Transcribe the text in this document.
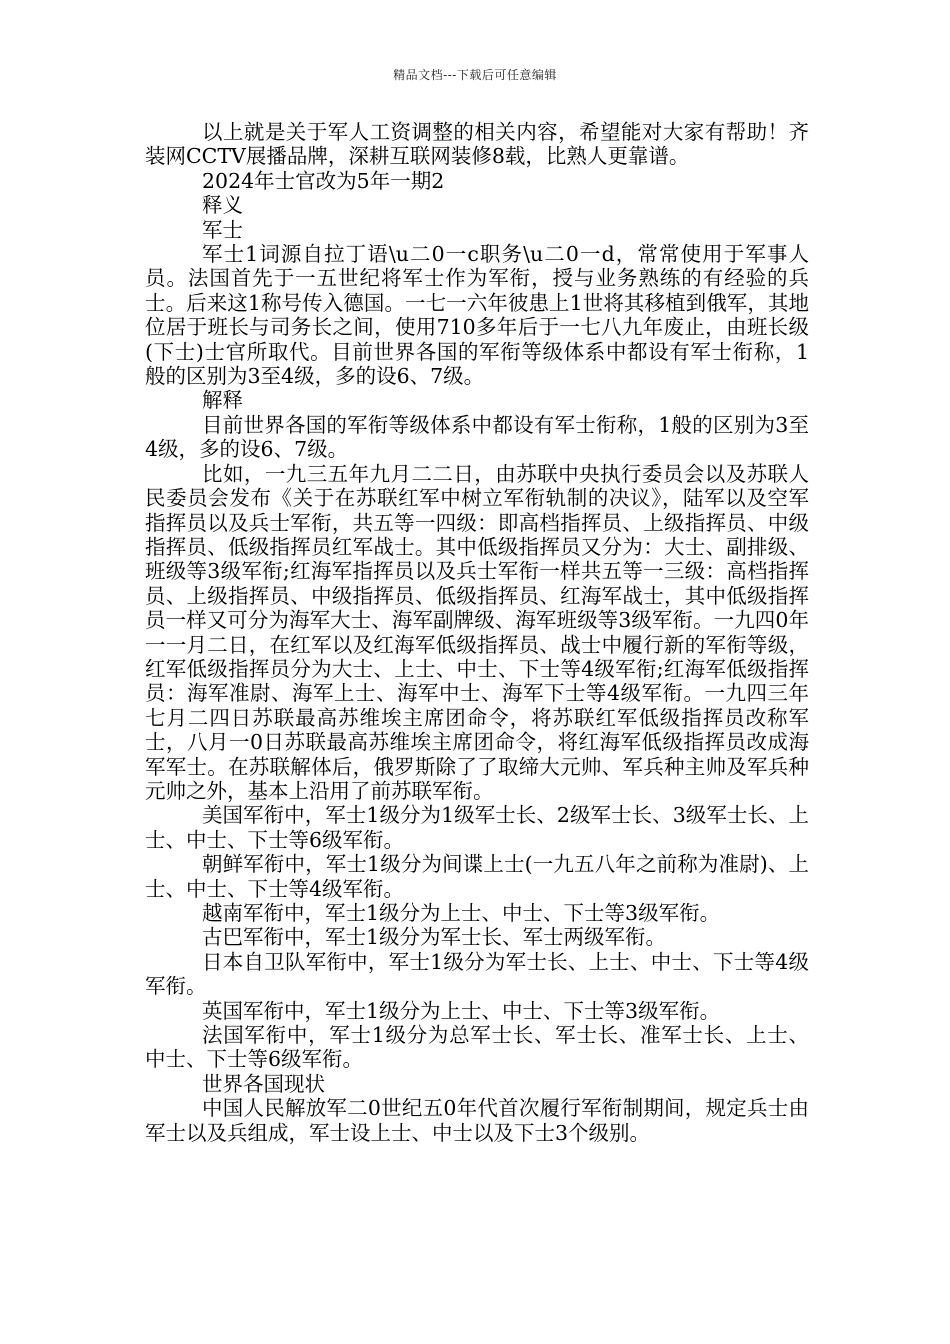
精品文档---下载后可任意编辑

以上就是关于军人工资调整的相关内容，希望能对大家有帮助！齐装网CCTV展播品牌，深耕互联网装修8载，比熟人更靠谱。

2024年士官改为5年一期2

释义

军士

军士1词源自拉丁语\u二0一c职务\u二0一d，常常使用于军事人员。法国首先于一五世纪将军士作为军衔，授与业务熟练的有经验的兵士。后来这1称号传入德国。一七一六年彼患上1世将其移植到俄军，其地位居于班长与司务长之间，使用710多年后于一七八九年废止，由班长级(下士)士官所取代。目前世界各国的军衔等级体系中都设有军士衔称，1般的区别为3至4级，多的设6、7级。

解释

目前世界各国的军衔等级体系中都设有军士衔称，1般的区别为3至4级，多的设6、7级。

比如，一九三五年九月二二日，由苏联中央执行委员会以及苏联人民委员会发布《关于在苏联红军中树立军衔轨制的决议》，陆军以及空军指挥员以及兵士军衔，共五等一四级：即高档指挥员、上级指挥员、中级指挥员、低级指挥员红军战士。其中低级指挥员又分为：大士、副排级、班级等3级军衔;红海军指挥员以及兵士军衔一样共五等一三级：高档指挥员、上级指挥员、中级指挥员、低级指挥员、红海军战士，其中低级指挥员一样又可分为海军大士、海军副牌级、海军班级等3级军衔。一九四0年一一月二日，在红军以及红海军低级指挥员、战士中履行新的军衔等级，红军低级指挥员分为大士、上士、中士、下士等4级军衔;红海军低级指挥员：海军准尉、海军上士、海军中士、海军下士等4级军衔。一九四三年七月二四日苏联最高苏维埃主席团命令，将苏联红军低级指挥员改称军士，八月一0日苏联最高苏维埃主席团命令，将红海军低级指挥员改成海军军士。在苏联解体后，俄罗斯除了了取缔大元帅、军兵种主帅及军兵种元帅之外，基本上沿用了前苏联军衔。

美国军衔中，军士1级分为1级军士长、2级军士长、3级军士长、上士、中士、下士等6级军衔。

朝鲜军衔中，军士1级分为间谍上士(一九五八年之前称为准尉)、上士、中士、下士等4级军衔。

越南军衔中，军士1级分为上士、中士、下士等3级军衔。

古巴军衔中，军士1级分为军士长、军士两级军衔。

日本自卫队军衔中，军士1级分为军士长、上士、中士、下士等4级军衔。

英国军衔中，军士1级分为上士、中士、下士等3级军衔。

法国军衔中，军士1级分为总军士长、军士长、准军士长、上士、中士、下士等6级军衔。

世界各国现状

中国人民解放军二0世纪五0年代首次履行军衔制期间，规定兵士由军士以及兵组成，军士设上士、中士以及下士3个级别。
